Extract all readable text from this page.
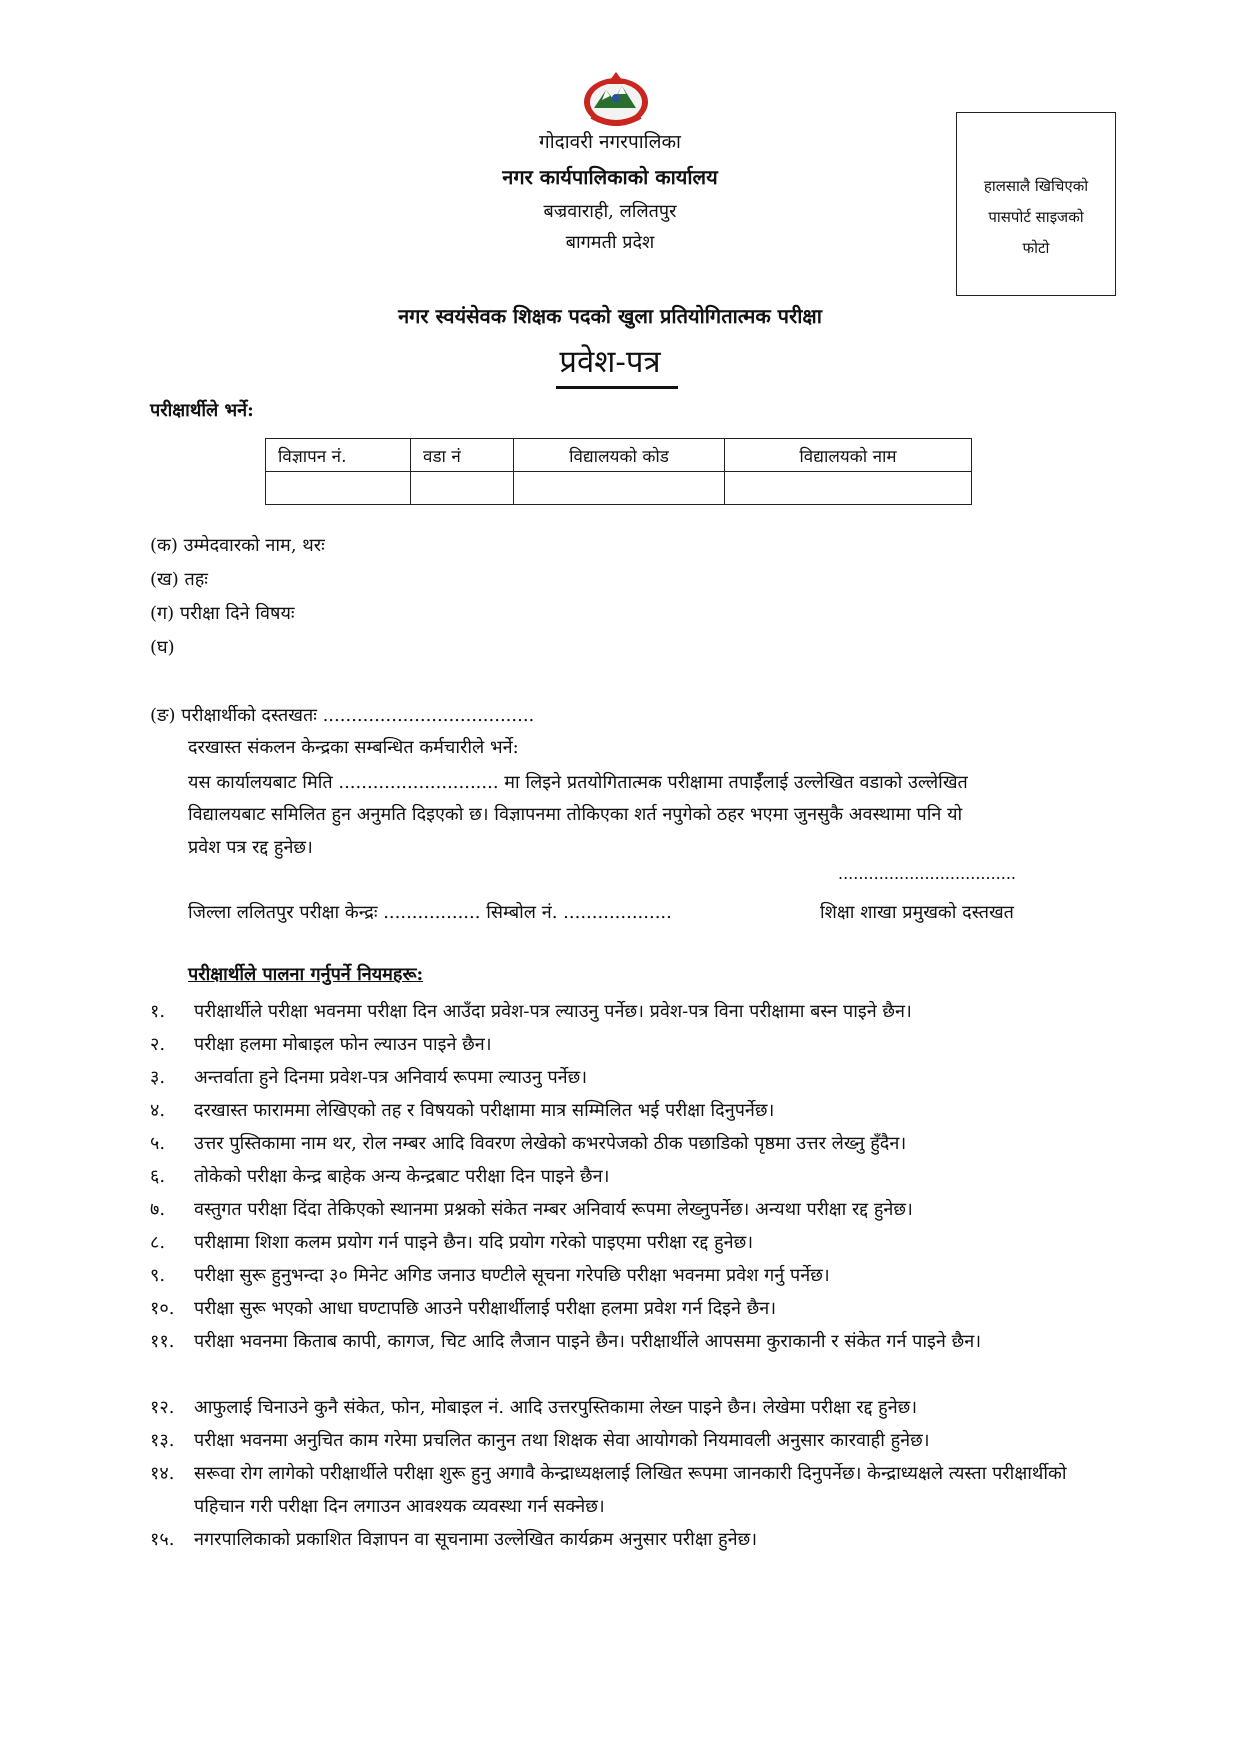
गोदावरी नगरपालिका
नगर कार्यपालिकाको कार्यालय
बज्रवाराही, ललितपुर
बागमती प्रदेश
हालसालै खिचिएको
पासपोर्ट साइजको
फोटो
नगर स्वयंसेवक शिक्षक पदको खुला प्रतियोगितात्मक परीक्षा
प्रवेश-पत्र
परीक्षार्थीले भर्ने:
विज्ञापन नं.	वडा नं	विद्यालयको कोड	विद्यालयको नाम

(क) उम्मेदवारको नाम, थरः
(ख) तहः
(ग) परीक्षा दिने विषयः
(घ)
(ङ) परीक्षार्थीको दस्तखतः .....................................
दरखास्त संकलन केन्द्रका सम्बन्धित कर्मचारीले भर्ने:
यस कार्यालयबाट मिति ............................ मा लिइने प्रतयोगितात्मक परीक्षामा तपाईँलाई उल्लेखित वडाको उल्लेखित
विद्यालयबाट समिलित हुन अनुमति दिइएको छ। विज्ञापनमा तोकिएका शर्त नपुगेको ठहर भएमा जुनसुकै अवस्थामा पनि यो
प्रवेश पत्र रद्द हुनेछ।
...................................
जिल्ला ललितपुर परीक्षा केन्द्रः ................. सिम्बोल नं. ...................	शिक्षा शाखा प्रमुखको दस्तखत
परीक्षार्थीले पालना गर्नुपर्ने नियमहरू:
१.	परीक्षार्थीले परीक्षा भवनमा परीक्षा दिन आउँदा प्रवेश-पत्र ल्याउनु पर्नेछ। प्रवेश-पत्र विना परीक्षामा बस्न पाइने छैन।
२.	परीक्षा हलमा मोबाइल फोन ल्याउन पाइने छैन।
३.	अन्तर्वाता हुने दिनमा प्रवेश-पत्र अनिवार्य रूपमा ल्याउनु पर्नेछ।
४.	दरखास्त फाराममा लेखिएको तह र विषयको परीक्षामा मात्र सम्मिलित भई परीक्षा दिनुपर्नेछ।
५.	उत्तर पुस्तिकामा नाम थर, रोल नम्बर आदि विवरण लेखेको कभरपेजको ठीक पछाडिको पृष्ठमा उत्तर लेख्नु हुँदैन।
६.	तोकेको परीक्षा केन्द्र बाहेक अन्य केन्द्रबाट परीक्षा दिन पाइने छैन।
७.	वस्तुगत परीक्षा दिंदा तेकिएको स्थानमा प्रश्नको संकेत नम्बर अनिवार्य रूपमा लेख्नुपर्नेछ। अन्यथा परीक्षा रद्द हुनेछ।
८.	परीक्षामा शिशा कलम प्रयोग गर्न पाइने छैन। यदि प्रयोग गरेको पाइएमा परीक्षा रद्द हुनेछ।
९.	परीक्षा सुरू हुनुभन्दा ३० मिनेट अगिड जनाउ घण्टीले सूचना गरेपछि परीक्षा भवनमा प्रवेश गर्नु पर्नेछ।
१०.	परीक्षा सुरू भएको आधा घण्टापछि आउने परीक्षार्थीलाई परीक्षा हलमा प्रवेश गर्न दिइने छैन।
११.	परीक्षा भवनमा किताब कापी, कागज, चिट आदि लैजान पाइने छैन। परीक्षार्थीले आपसमा कुराकानी र संकेत गर्न पाइने छैन।
१२.	आफुलाई चिनाउने कुनै संकेत, फोन, मोबाइल नं. आदि उत्तरपुस्तिकामा लेख्न पाइने छैन। लेखेमा परीक्षा रद्द हुनेछ।
१३.	परीक्षा भवनमा अनुचित काम गरेमा प्रचलित कानुन तथा शिक्षक सेवा आयोगको नियमावली अनुसार कारवाही हुनेछ।
१४.	सरूवा रोग लागेको परीक्षार्थीले परीक्षा शुरू हुनु अगावै केन्द्राध्यक्षलाई लिखित रूपमा जानकारी दिनुपर्नेछ। केन्द्राध्यक्षले त्यस्ता परीक्षार्थीको पहिचान गरी परीक्षा दिन लगाउन आवश्यक व्यवस्था गर्न सक्नेछ।
१५.	नगरपालिकाको प्रकाशित विज्ञापन वा सूचनामा उल्लेखित कार्यक्रम अनुसार परीक्षा हुनेछ।
